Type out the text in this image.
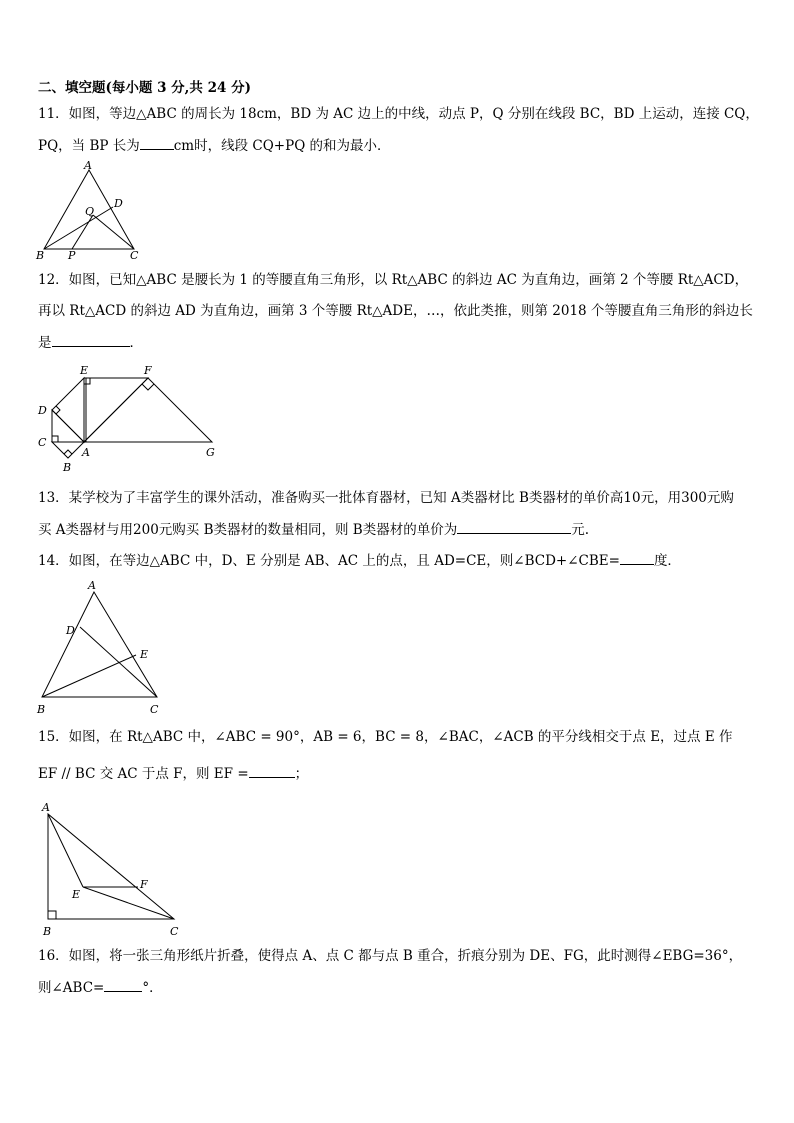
二、填空题(每小题 3 分,共 24 分)
11．如图，等边△ABC 的周长为 18cm，BD 为 AC 边上的中线，动点 P，Q 分别在线段 BC，BD 上运动，连接 CQ，
PQ，当 BP 长为	cm时，线段 CQ+PQ 的和为最小．
A
B	C
D
P
Q
12．如图，已知△ABC 是腰长为 1 的等腰直角三角形，以 Rt△ABC 的斜边 AC 为直角边，画第 2 个等腰 Rt△ACD，
再以 Rt△ACD 的斜边 AD 为直角边，画第 3 个等腰 Rt△ADE，…，依此类推，则第 2018 个等腰直角三角形的斜边长
是	．
E	F
D
C
A
B
G
13．某学校为了丰富学生的课外活动，准备购买一批体育器材，已知 A类器材比 B类器材的单价高10元，用300元购
买 A类器材与用200元购买 B类器材的数量相同，则 B类器材的单价为	元.
14．如图，在等边△ABC 中，D、E 分别是 AB、AC 上的点，且 AD=CE，则∠BCD+∠CBE=	度．
A
D
E
B	C
15．如图，在 Rt△ABC 中，∠ABC = 90°，AB = 6，BC = 8，∠BAC，∠ACB 的平分线相交于点 E，过点 E 作
EF // BC 交 AC 于点 F，则 EF =	；
A
E
F
B	C
16．如图，将一张三角形纸片折叠，使得点 A、点 C 都与点 B 重合，折痕分别为 DE、FG，此时测得∠EBG=36°，
则∠ABC=	°．
